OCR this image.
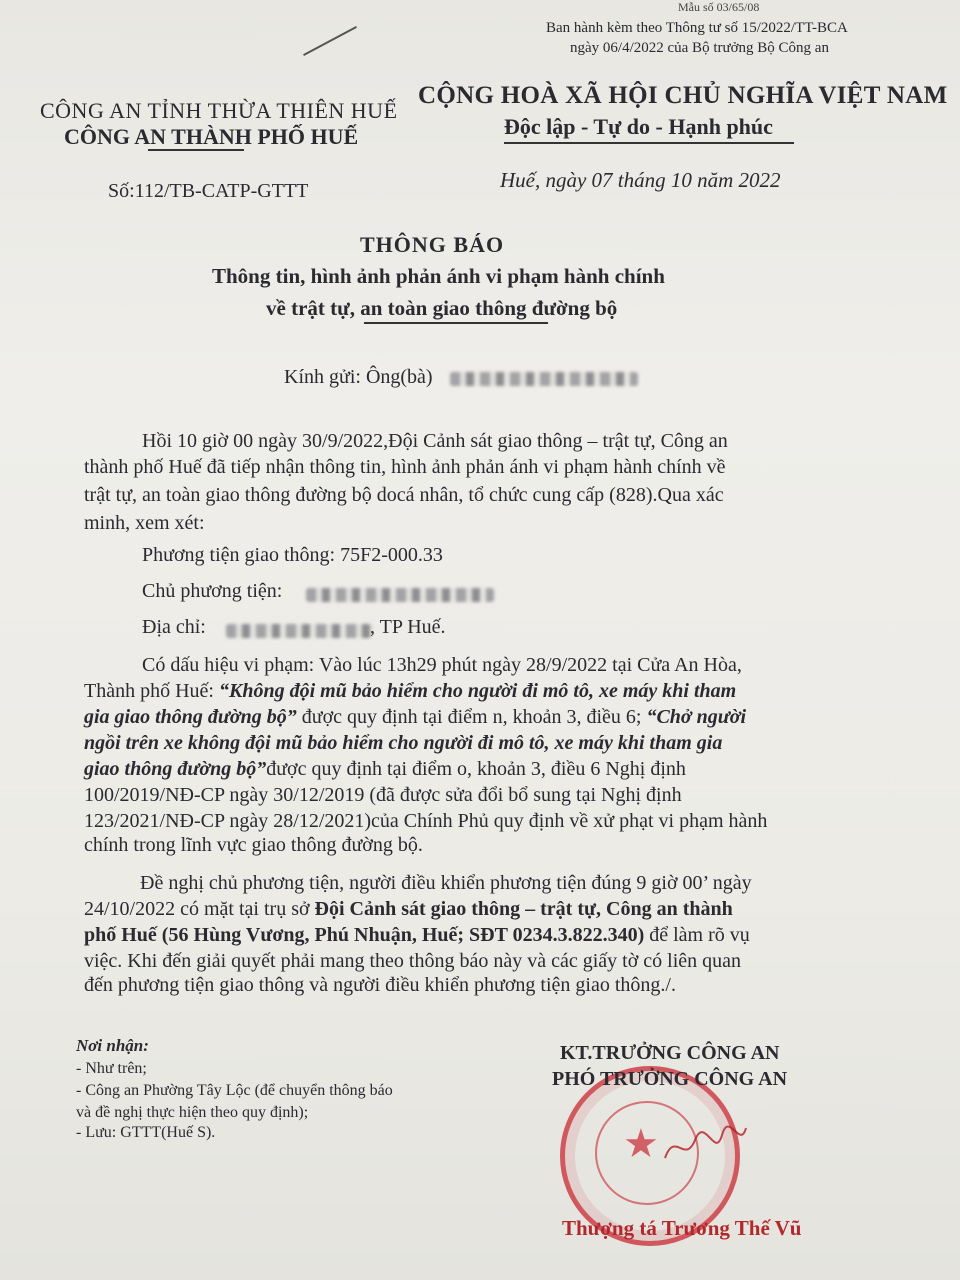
Mẫu số 03/65/08
Ban hành kèm theo Thông tư số 15/2022/TT-BCA
ngày 06/4/2022 của Bộ trưởng Bộ Công an
CÔNG AN TỈNH THỪA THIÊN HUẾ
CÔNG AN THÀNH PHỐ HUẾ
Số:112/TB-CATP-GTTT
CỘNG HOÀ XÃ HỘI CHỦ NGHĨA VIỆT NAM
Độc lập - Tự do - Hạnh phúc
Huế, ngày 07 tháng 10 năm 2022
THÔNG BÁO
Thông tin, hình ảnh phản ánh vi phạm hành chính
về trật tự, an toàn giao thông đường bộ
Kính gửi: Ông(bà)
Hồi 10 giờ 00 ngày 30/9/2022,Đội Cảnh sát giao thông – trật tự, Công an
thành phố Huế đã tiếp nhận thông tin, hình ảnh phản ánh vi phạm hành chính về
trật tự, an toàn giao thông đường bộ docá nhân, tổ chức cung cấp (828).Qua xác
minh, xem xét:
Phương tiện giao thông: 75F2-000.33
Chủ phương tiện:
Địa chỉ:	, TP Huế.
Có dấu hiệu vi phạm: Vào lúc 13h29 phút ngày 28/9/2022 tại Cửa An Hòa,
Thành phố Huế: “Không đội mũ bảo hiểm cho người đi mô tô, xe máy khi tham
gia giao thông đường bộ” được quy định tại điểm n, khoản 3, điều 6; “Chở người
ngồi trên xe không đội mũ bảo hiểm cho người đi mô tô, xe máy khi tham gia
giao thông đường bộ”được quy định tại điểm o, khoản 3, điều 6 Nghị định
100/2019/NĐ-CP ngày 30/12/2019 (đã được sửa đổi bổ sung tại Nghị định
123/2021/NĐ-CP ngày 28/12/2021)của Chính Phủ quy định về xử phạt vi phạm hành
chính trong lĩnh vực giao thông đường bộ.
Đề nghị chủ phương tiện, người điều khiển phương tiện đúng 9 giờ 00’ ngày
24/10/2022 có mặt tại trụ sở Đội Cảnh sát giao thông – trật tự, Công an thành
phố Huế (56 Hùng Vương, Phú Nhuận, Huế; SĐT 0234.3.822.340) để làm rõ vụ
việc. Khi đến giải quyết phải mang theo thông báo này và các giấy tờ có liên quan
đến phương tiện giao thông và người điều khiển phương tiện giao thông./.
Nơi nhận:
- Như trên;
- Công an Phường Tây Lộc (để chuyển thông báo
và đề nghị thực hiện theo quy định);
- Lưu: GTTT(Huế S).	★
KT.TRƯỞNG CÔNG AN
PHÓ TRƯỞNG CÔNG AN
Thượng tá Trương Thế Vũ
